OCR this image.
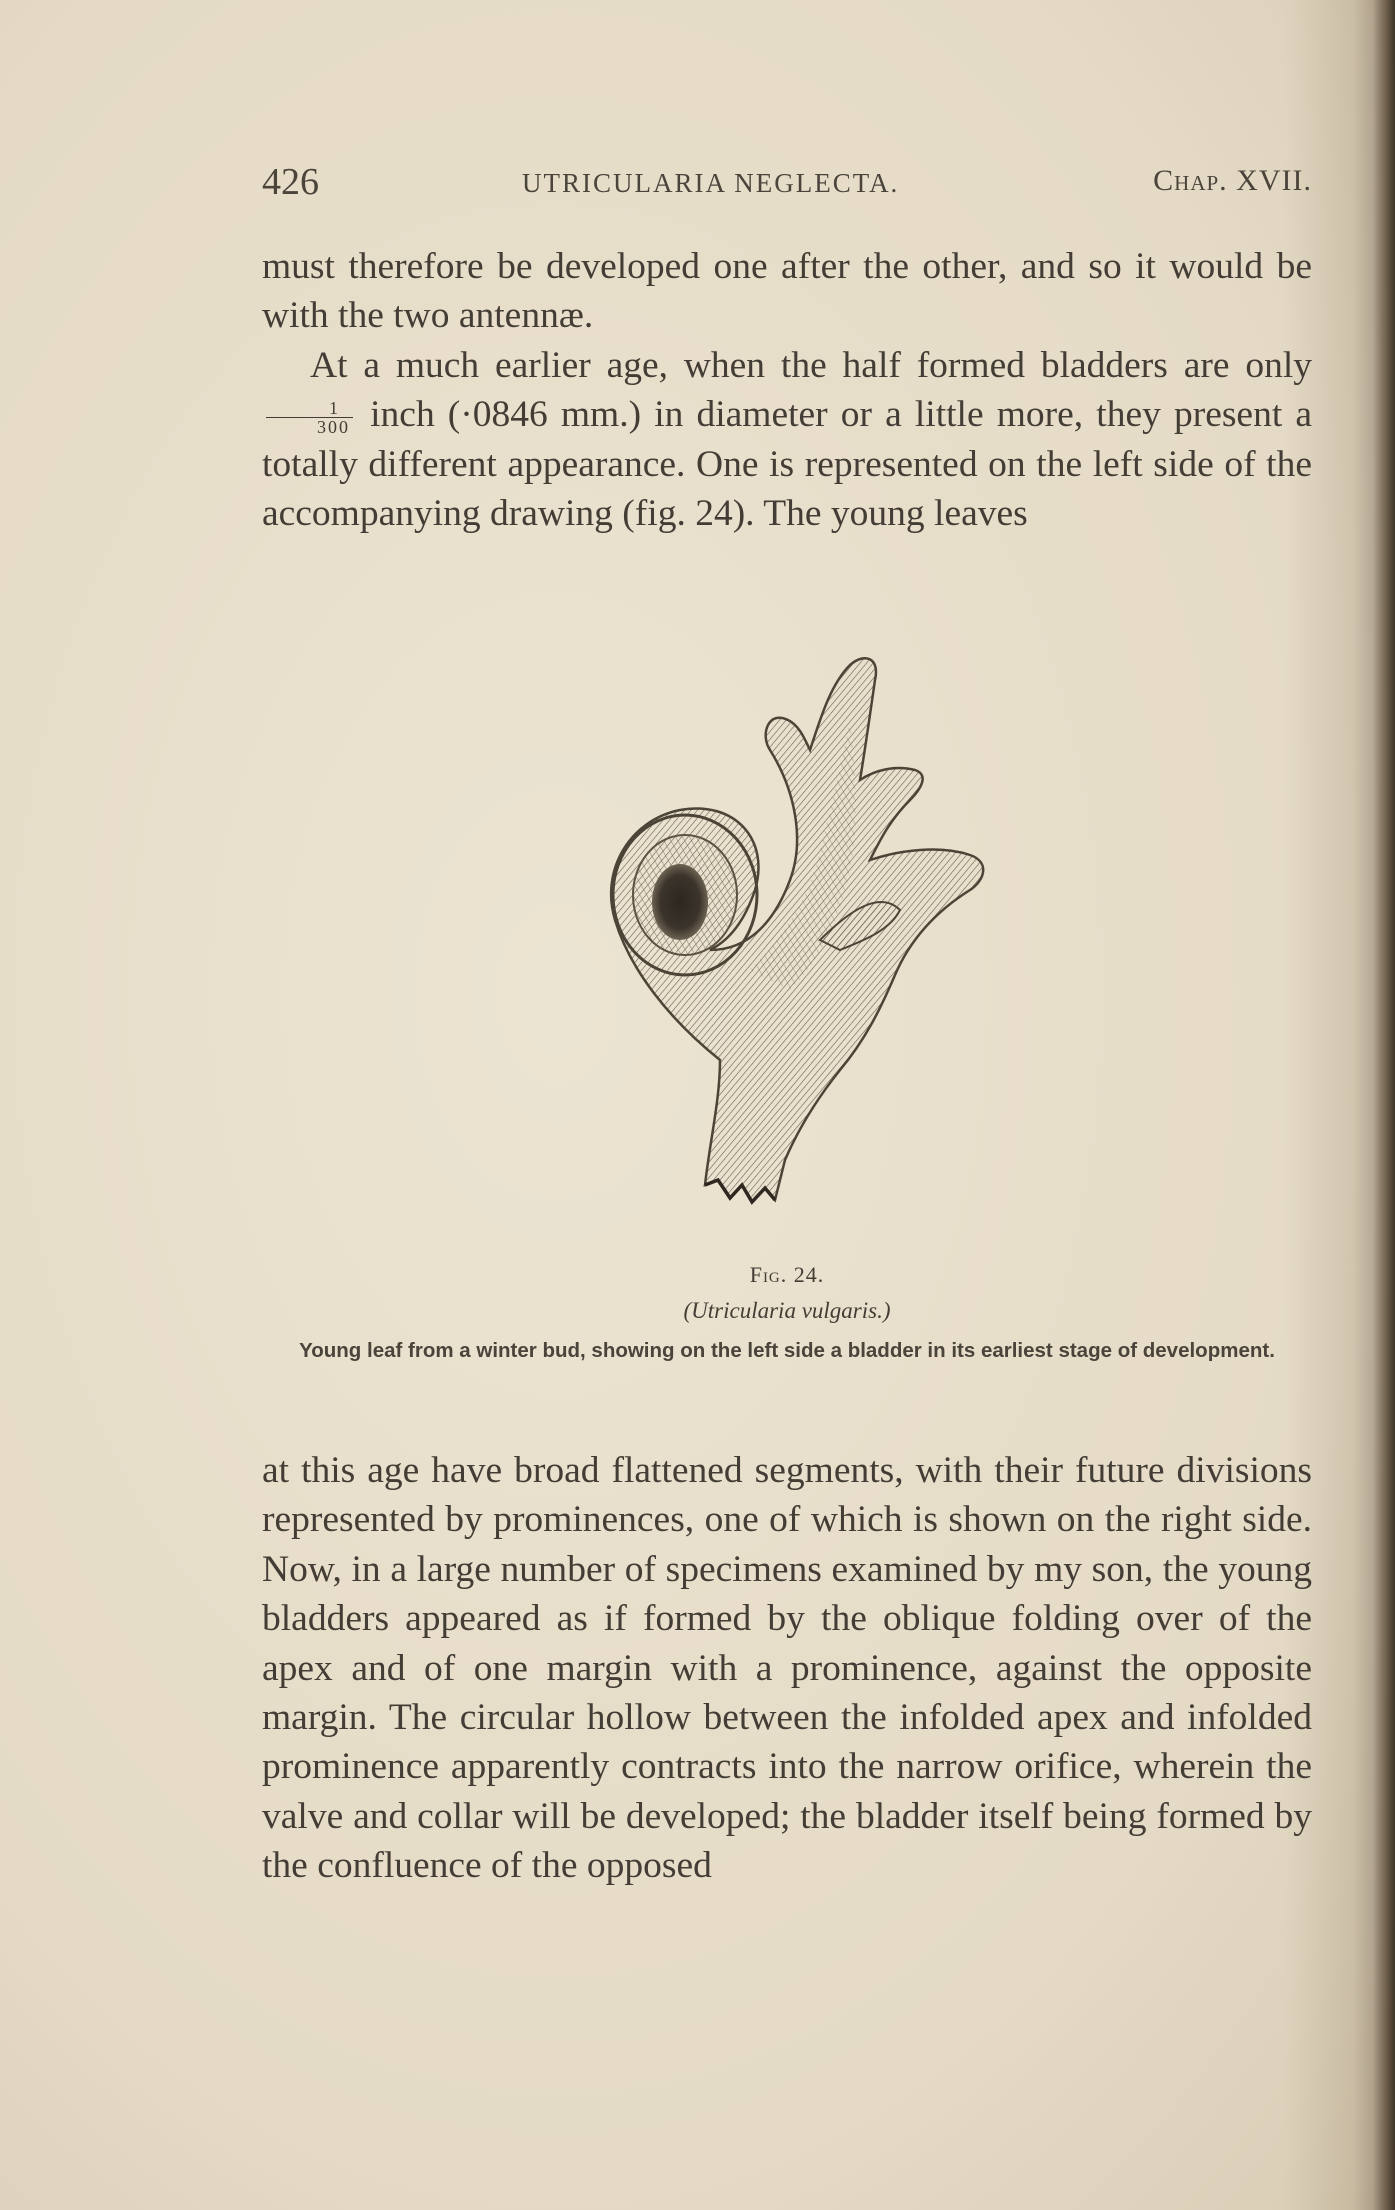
426	UTRICULARIA NEGLECTA.	Chap. XVII.

must therefore be developed one after the other, and so it would be with the two antennæ.

At a much earlier age, when the half formed bladders are only
$\frac{1}{300}$ inch (·0846 mm.) in diameter or a little more, they present a totally different appearance. One is represented on the left side of the accompanying drawing (fig. 24). The young leaves

Fig. 24.
(Utricularia vulgaris.)
Young leaf from a winter bud, showing on the left side a bladder in its earliest stage of development.

at this age have broad flattened segments, with their future divisions represented by prominences, one of which is shown on the right side. Now, in a large number of specimens examined by my son, the young bladders appeared as if formed by the oblique folding over of the apex and of one margin with a prominence, against the opposite margin. The circular hollow between the infolded apex and infolded prominence apparently contracts into the narrow orifice, wherein the valve and collar will be developed; the bladder itself being formed by the confluence of the opposed
